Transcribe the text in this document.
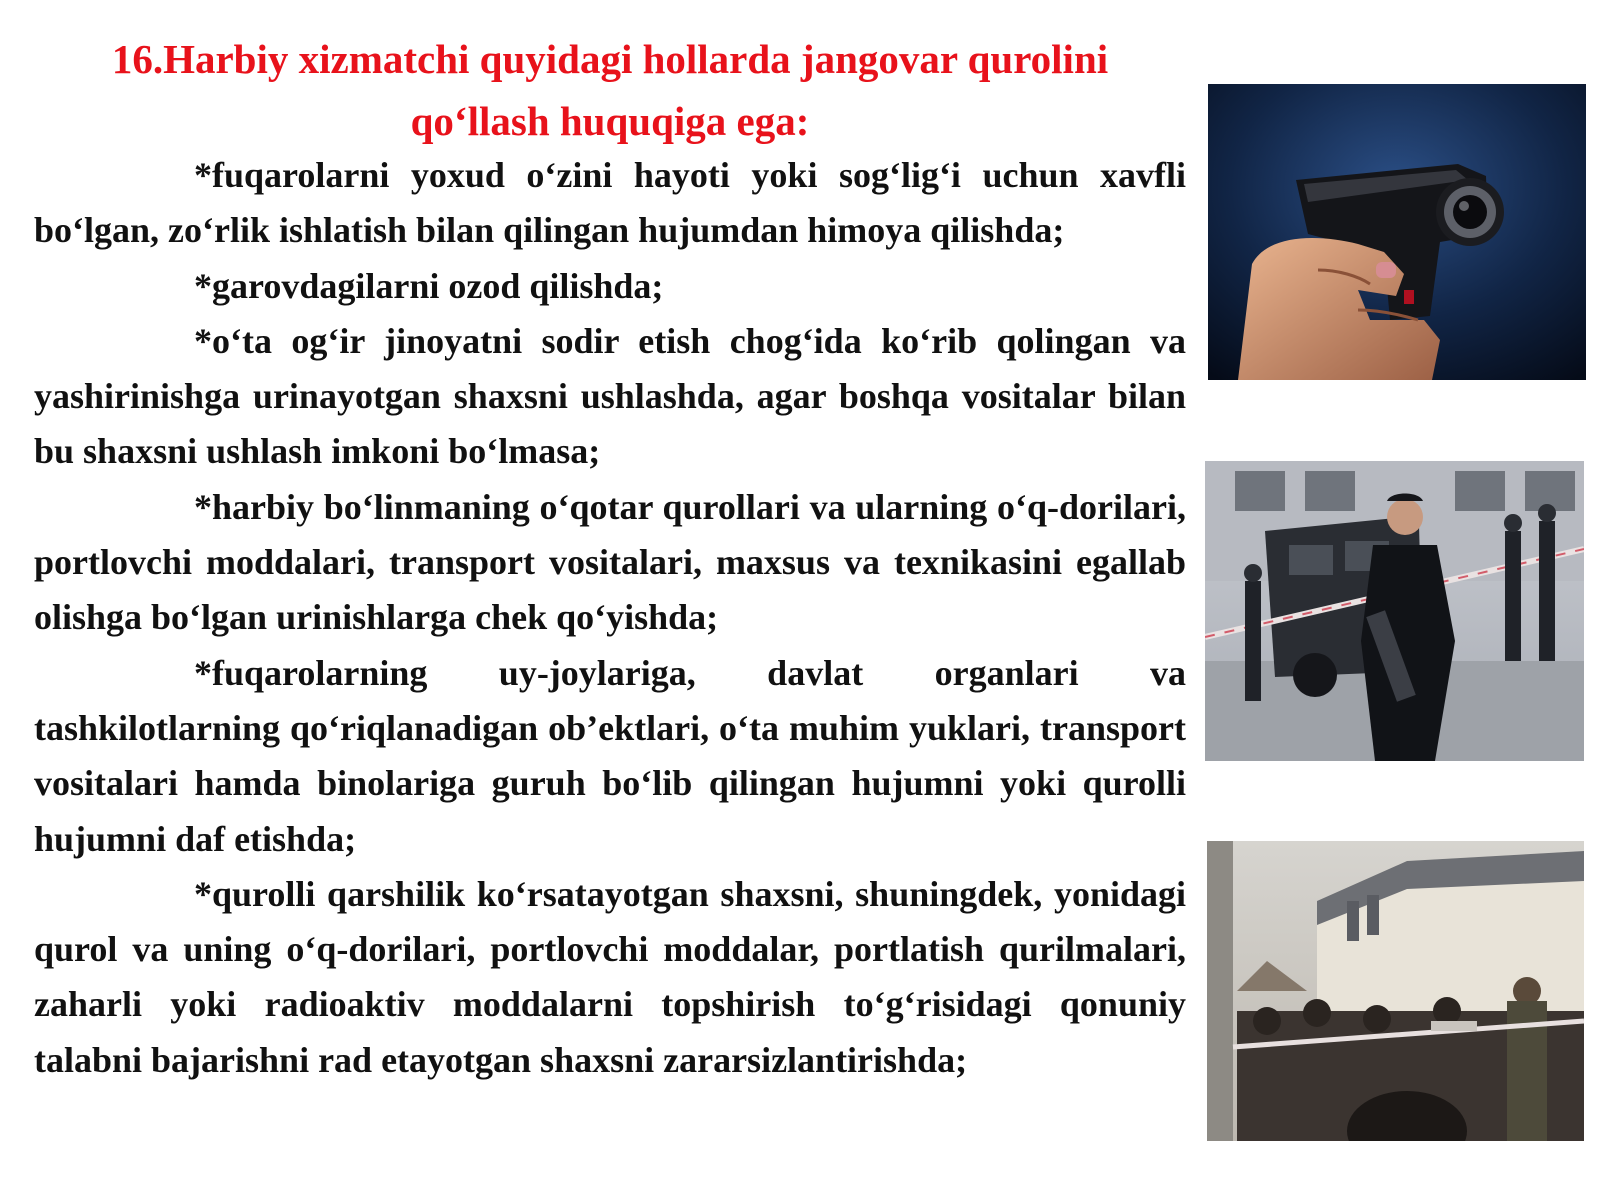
16.Harbiy xizmatchi quyidagi hollarda jangovar qurolini qo‘llash huquqiga ega:

*fuqarolarni yoxud o‘zini hayoti yoki sog‘lig‘i uchun xavfli bo‘lgan, zo‘rlik ishlatish bilan qilingan hujumdan himoya qilishda;

*garovdagilarni ozod qilishda;

*o‘ta og‘ir jinoyatni sodir etish chog‘ida ko‘rib qolingan va yashirinishga urinayotgan shaxsni ushlashda, agar boshqa vositalar bilan bu shaxsni ushlash imkoni bo‘lmasa;

*harbiy bo‘linmaning o‘qotar qurollari va ularning o‘q-dorilari, portlovchi moddalari, transport vositalari, maxsus va texnikasini egallab olishga bo‘lgan urinishlarga chek qo‘yishda;

*fuqarolarning uy-joylariga, davlat organlari va tashkilotlarning qo‘riqlanadigan ob’ektlari, o‘ta muhim yuklari, transport vositalari hamda binolariga guruh bo‘lib qilingan hujumni yoki qurolli hujumni daf etishda;

*qurolli qarshilik ko‘rsatayotgan shaxsni, shuningdek, yonidagi qurol va uning o‘q-dorilari, portlovchi moddalar, portlatish qurilmalari, zaharli yoki radioaktiv moddalarni topshirish to‘g‘risidagi qonuniy talabni bajarishni rad etayotgan shaxsni zararsizlantirishda;
